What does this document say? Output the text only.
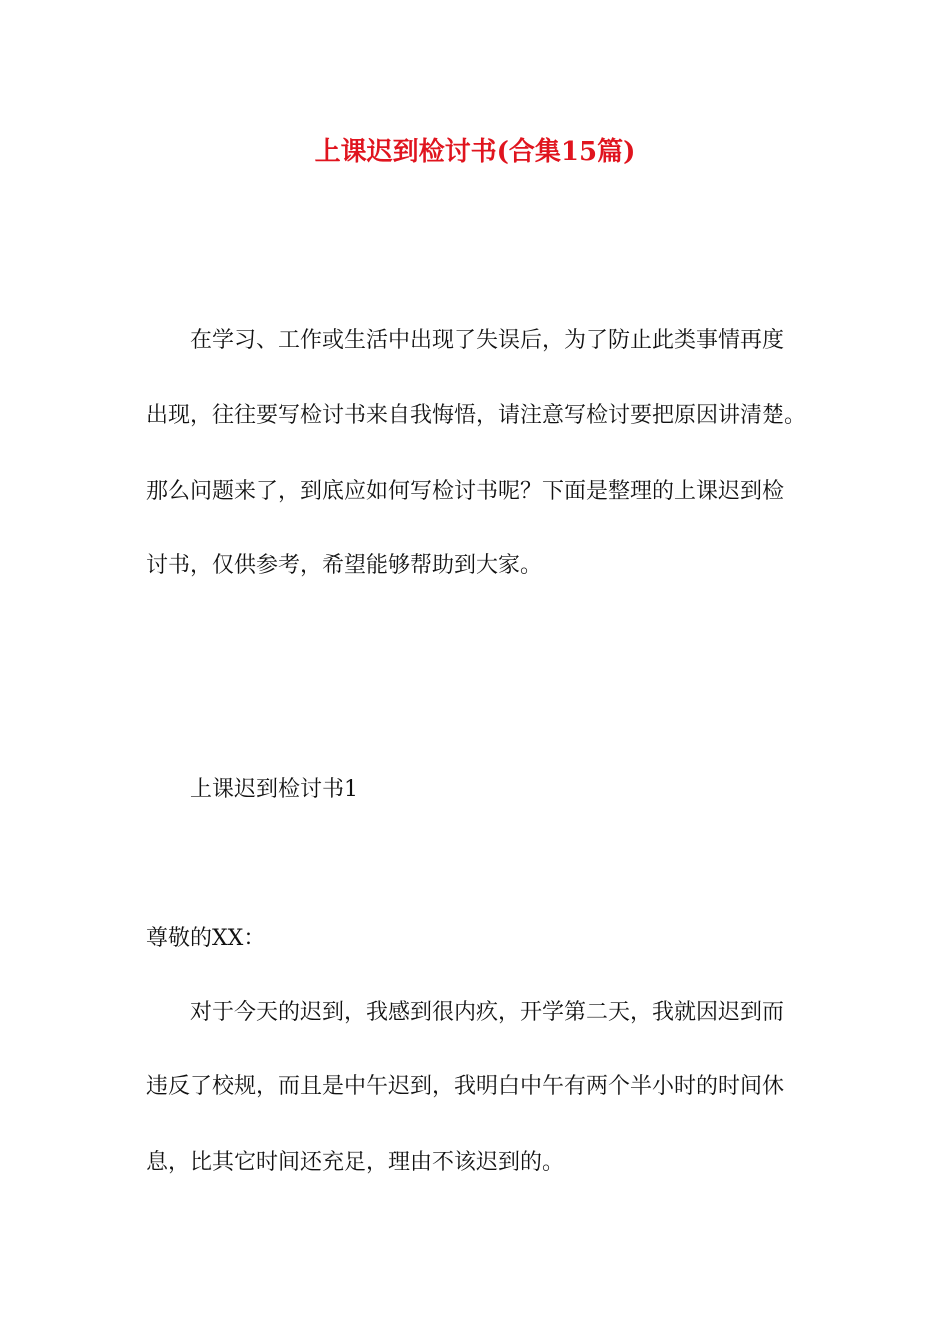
上课迟到检讨书(合集15篇)
在学习、工作或生活中出现了失误后，为了防止此类事情再度
出现，往往要写检讨书来自我悔悟，请注意写检讨要把原因讲清楚。
那么问题来了，到底应如何写检讨书呢？下面是整理的上课迟到检
讨书，仅供参考，希望能够帮助到大家。
上课迟到检讨书1
尊敬的XX：
对于今天的迟到，我感到很内疚，开学第二天，我就因迟到而
违反了校规，而且是中午迟到，我明白中午有两个半小时的时间休
息，比其它时间还充足，理由不该迟到的。
